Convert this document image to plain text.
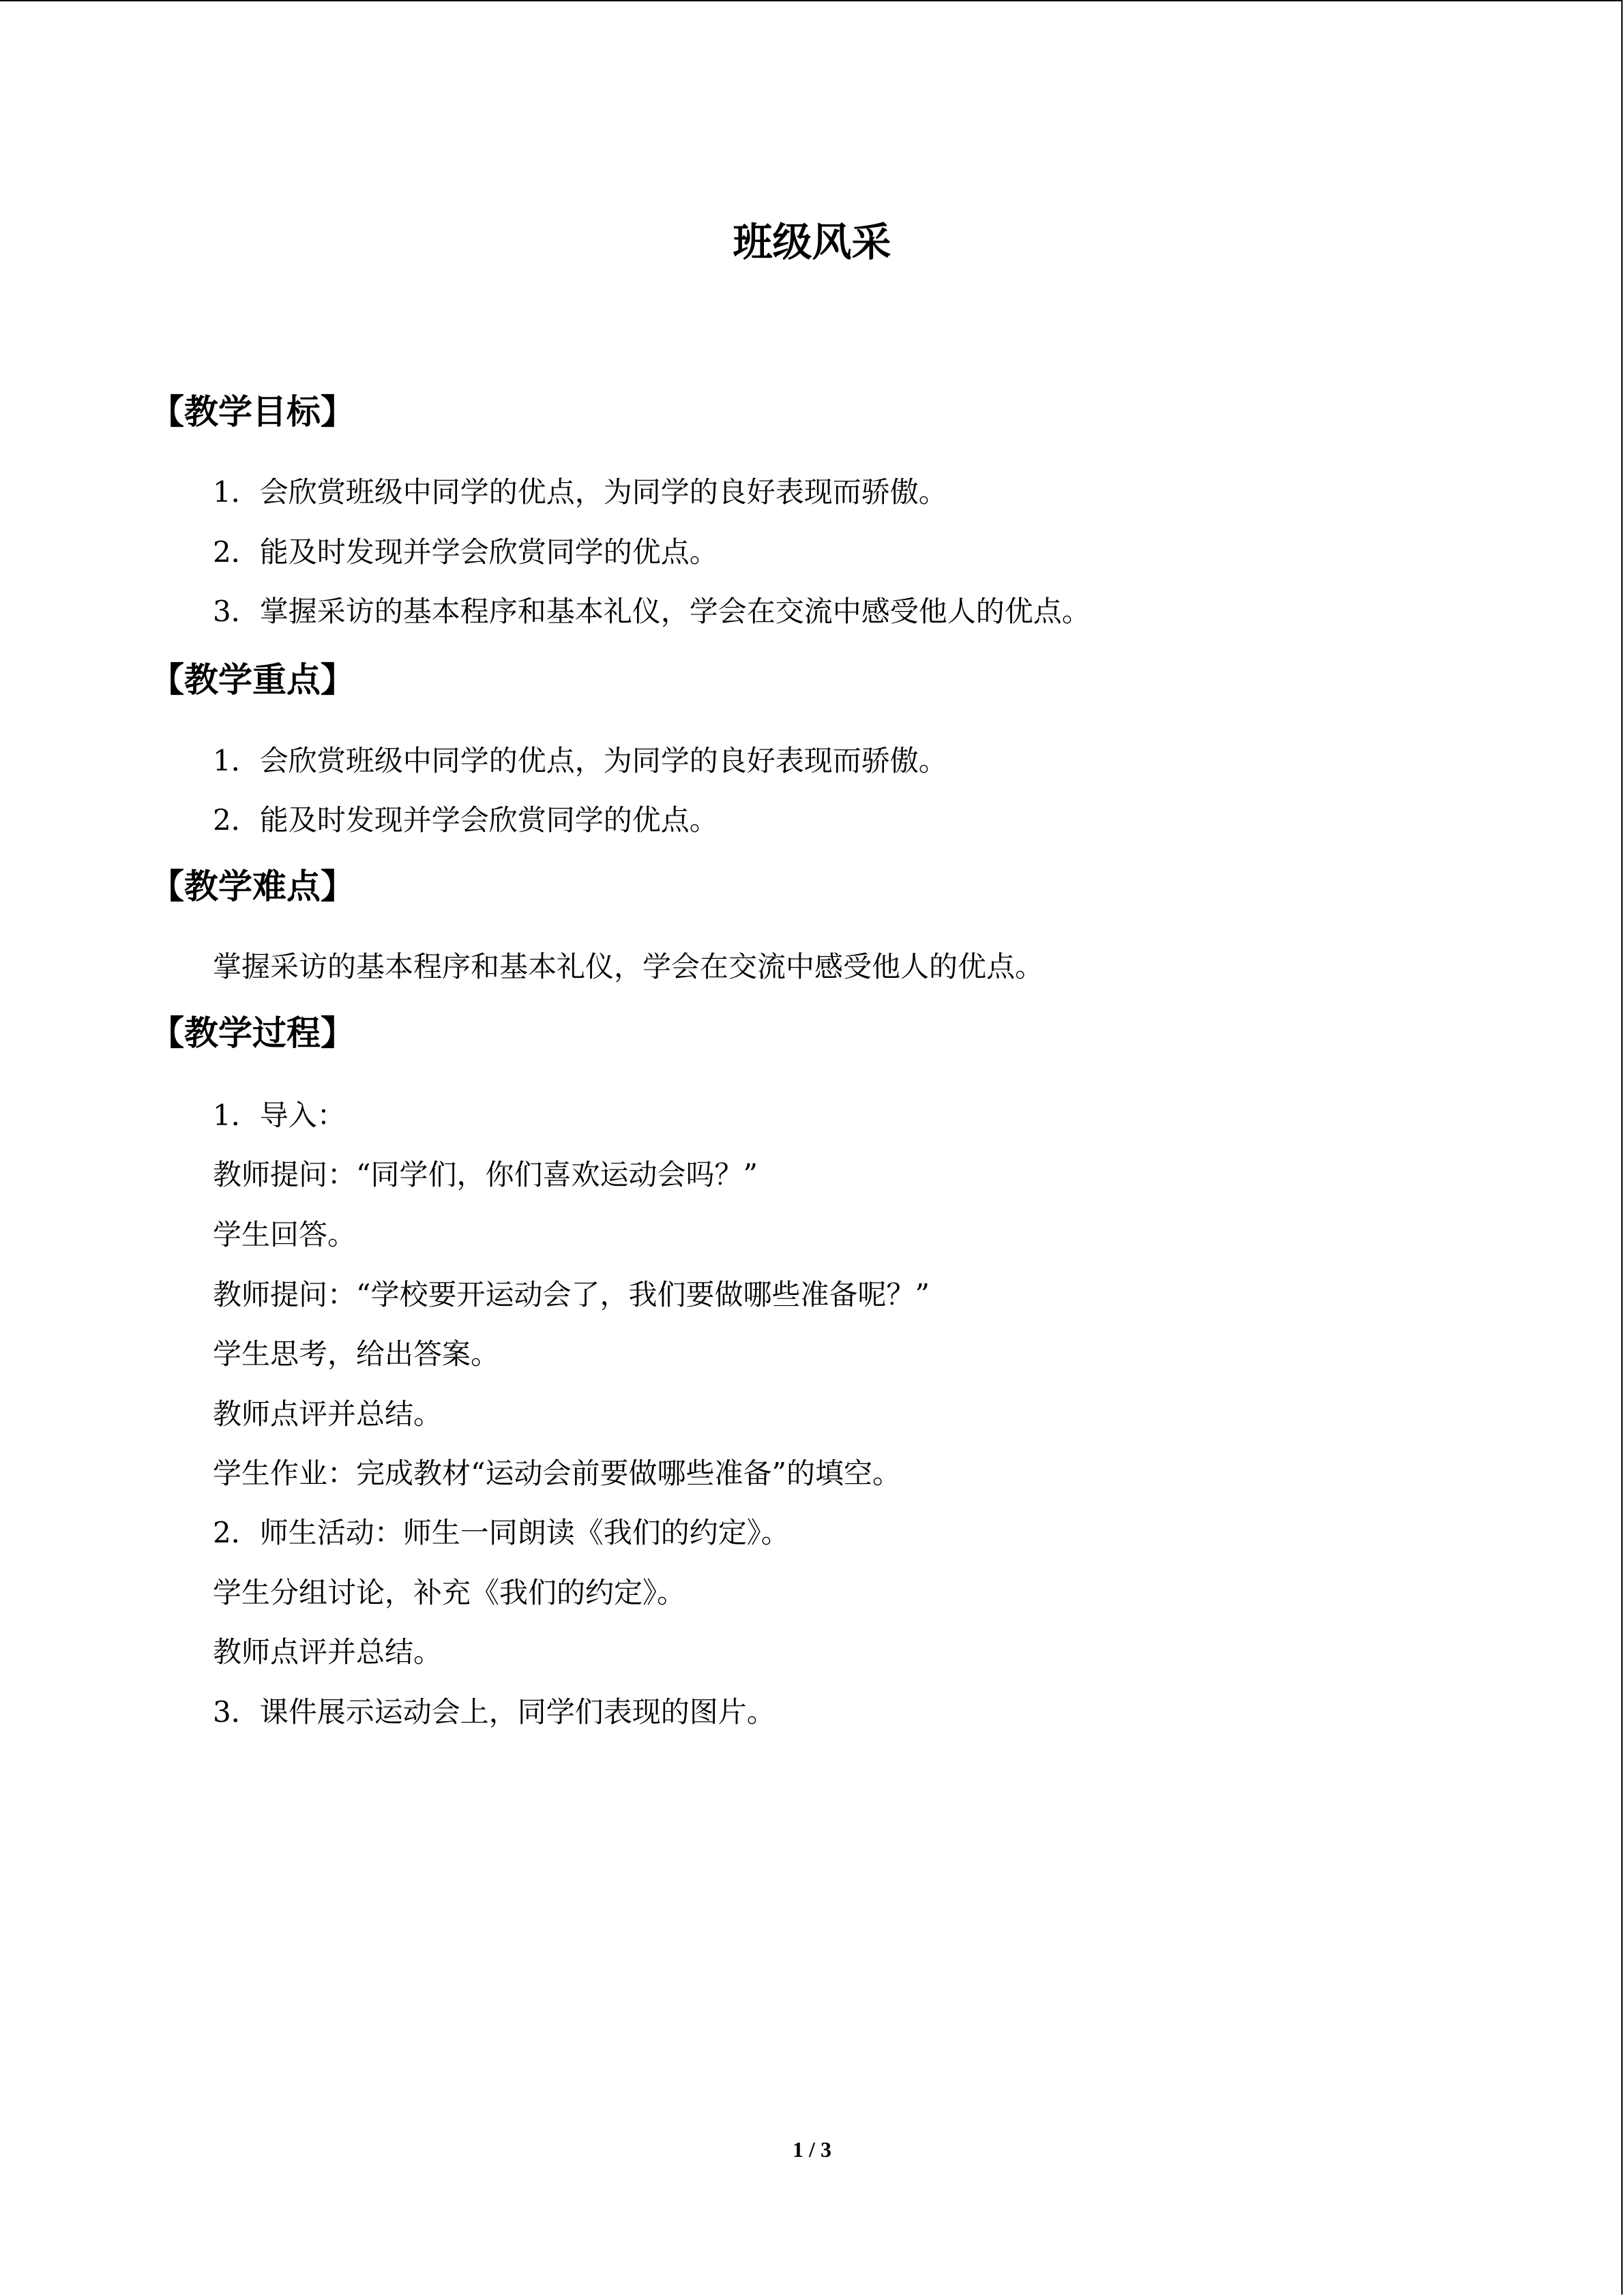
班级风采
【教学目标】
1．会欣赏班级中同学的优点，为同学的良好表现而骄傲。
2．能及时发现并学会欣赏同学的优点。
3．掌握采访的基本程序和基本礼仪，学会在交流中感受他人的优点。
【教学重点】
1．会欣赏班级中同学的优点，为同学的良好表现而骄傲。
2．能及时发现并学会欣赏同学的优点。
【教学难点】
掌握采访的基本程序和基本礼仪，学会在交流中感受他人的优点。
【教学过程】
1．导入：
教师提问：“同学们，你们喜欢运动会吗？”
学生回答。
教师提问：“学校要开运动会了，我们要做哪些准备呢？”
学生思考，给出答案。
教师点评并总结。
学生作业：完成教材“运动会前要做哪些准备”的填空。
2．师生活动：师生一同朗读《我们的约定》。
学生分组讨论，补充《我们的约定》。
教师点评并总结。
3．课件展示运动会上，同学们表现的图片。
1 / 3
